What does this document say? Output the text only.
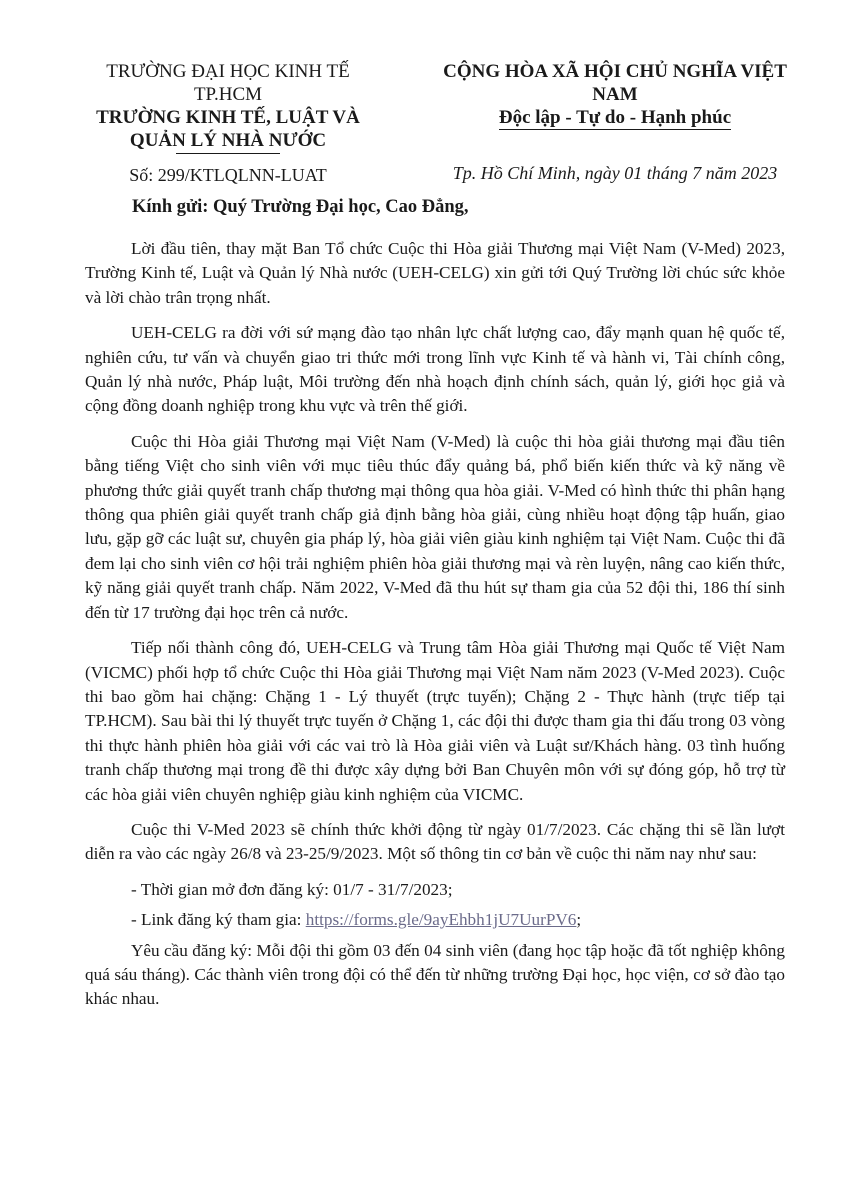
TRƯỜNG ĐẠI HỌC KINH TẾ TP.HCM
TRƯỜNG KINH TẾ, LUẬT VÀ
QUẢN LÝ NHÀ NƯỚC
Số: 299/KTLQLNN-LUAT
CỘNG HÒA XÃ HỘI CHỦ NGHĨA VIỆT NAM
Độc lập - Tự do - Hạnh phúc
Tp. Hồ Chí Minh, ngày 01 tháng 7 năm 2023
Kính gửi: Quý Trường Đại học, Cao Đẳng,

Lời đầu tiên, thay mặt Ban Tổ chức Cuộc thi Hòa giải Thương mại Việt Nam (V-Med) 2023, Trường Kinh tế, Luật và Quản lý Nhà nước (UEH-CELG) xin gửi tới Quý Trường lời chúc sức khỏe và lời chào trân trọng nhất.

UEH-CELG ra đời với sứ mạng đào tạo nhân lực chất lượng cao, đẩy mạnh quan hệ quốc tế, nghiên cứu, tư vấn và chuyển giao tri thức mới trong lĩnh vực Kinh tế và hành vi, Tài chính công, Quản lý nhà nước, Pháp luật, Môi trường đến nhà hoạch định chính sách, quản lý, giới học giả và cộng đồng doanh nghiệp trong khu vực và trên thế giới.

Cuộc thi Hòa giải Thương mại Việt Nam (V-Med) là cuộc thi hòa giải thương mại đầu tiên bằng tiếng Việt cho sinh viên với mục tiêu thúc đẩy quảng bá, phổ biến kiến thức và kỹ năng về phương thức giải quyết tranh chấp thương mại thông qua hòa giải. V-Med có hình thức thi phân hạng thông qua phiên giải quyết tranh chấp giả định bằng hòa giải, cùng nhiều hoạt động tập huấn, giao lưu, gặp gỡ các luật sư, chuyên gia pháp lý, hòa giải viên giàu kinh nghiệm tại Việt Nam. Cuộc thi đã đem lại cho sinh viên cơ hội trải nghiệm phiên hòa giải thương mại và rèn luyện, nâng cao kiến thức, kỹ năng giải quyết tranh chấp. Năm 2022, V-Med đã thu hút sự tham gia của 52 đội thi, 186 thí sinh đến từ 17 trường đại học trên cả nước.

Tiếp nối thành công đó, UEH-CELG và Trung tâm Hòa giải Thương mại Quốc tế Việt Nam (VICMC) phối hợp tổ chức Cuộc thi Hòa giải Thương mại Việt Nam năm 2023 (V-Med 2023). Cuộc thi bao gồm hai chặng: Chặng 1 - Lý thuyết (trực tuyến); Chặng 2 - Thực hành (trực tiếp tại TP.HCM). Sau bài thi lý thuyết trực tuyến ở Chặng 1, các đội thi được tham gia thi đấu trong 03 vòng thi thực hành phiên hòa giải với các vai trò là Hòa giải viên và Luật sư/Khách hàng. 03 tình huống tranh chấp thương mại trong đề thi được xây dựng bởi Ban Chuyên môn với sự đóng góp, hỗ trợ từ các hòa giải viên chuyên nghiệp giàu kinh nghiệm của VICMC.

Cuộc thi V-Med 2023 sẽ chính thức khởi động từ ngày 01/7/2023. Các chặng thi sẽ lần lượt diễn ra vào các ngày 26/8 và 23-25/9/2023. Một số thông tin cơ bản về cuộc thi năm nay như sau:

- Thời gian mở đơn đăng ký: 01/7 - 31/7/2023;
- Link đăng ký tham gia: https://forms.gle/9ayEhbh1jU7UurPV6;

Yêu cầu đăng ký: Mỗi đội thi gồm 03 đến 04 sinh viên (đang học tập hoặc đã tốt nghiệp không quá sáu tháng). Các thành viên trong đội có thể đến từ những trường Đại học, học viện, cơ sở đào tạo khác nhau.
